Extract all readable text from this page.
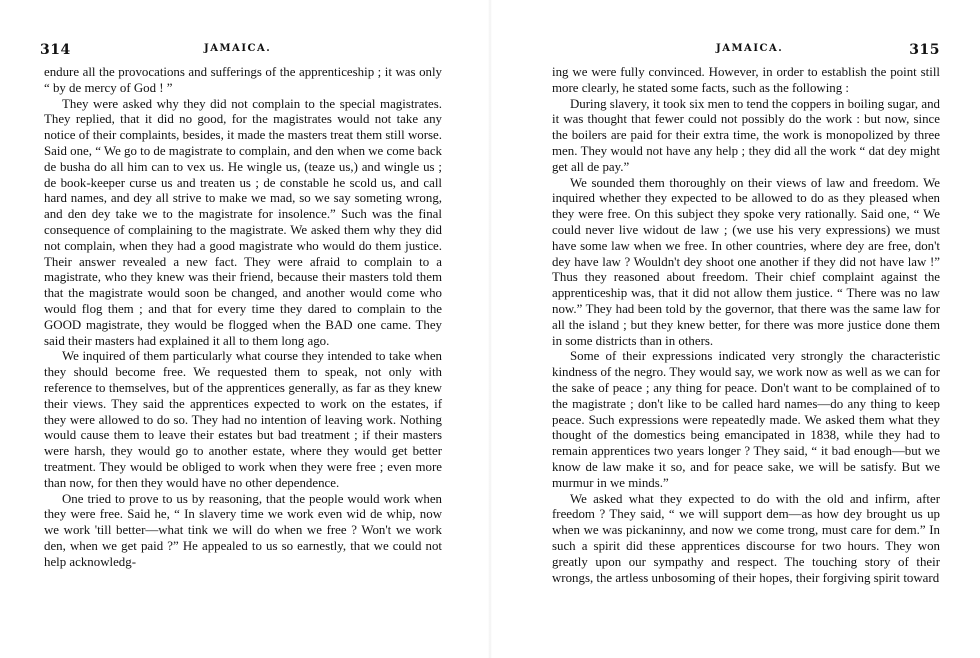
314	JAMAICA.

endure all the provocations and sufferings of the apprenticeship ; it was only “ by de mercy of God ! ”

They were asked why they did not complain to the special magistrates. They replied, that it did no good, for the magistrates would not take any notice of their complaints, besides, it made the masters treat them still worse. Said one, “ We go to de magistrate to complain, and den when we come back de busha do all him can to vex us. He wingle us, (teaze us,) and wingle us ; de book-keeper curse us and treaten us ; de constable he scold us, and call hard names, and dey all strive to make we mad, so we say someting wrong, and den dey take we to the magistrate for insolence.” Such was the final consequence of complaining to the magistrate. We asked them why they did not complain, when they had a good magistrate who would do them justice. Their answer revealed a new fact. They were afraid to complain to a magistrate, who they knew was their friend, because their masters told them that the magistrate would soon be changed, and another would come who would flog them ; and that for every time they dared to complain to the GOOD magistrate, they would be flogged when the BAD one came. They said their masters had explained it all to them long ago.

We inquired of them particularly what course they intended to take when they should become free. We requested them to speak, not only with reference to themselves, but of the apprentices generally, as far as they knew their views. They said the apprentices expected to work on the estates, if they were allowed to do so. They had no intention of leaving work. Nothing would cause them to leave their estates but bad treatment ; if their masters were harsh, they would go to another estate, where they would get better treatment. They would be obliged to work when they were free ; even more than now, for then they would have no other dependence.

One tried to prove to us by reasoning, that the people would work when they were free. Said he, “ In slavery time we work even wid de whip, now we work 'till better—what tink we will do when we free ? Won't we work den, when we get paid ?” He appealed to us so earnestly, that we could not help acknowledg-

JAMAICA.	315

ing we were fully convinced. However, in order to establish the point still more clearly, he stated some facts, such as the following :

During slavery, it took six men to tend the coppers in boiling sugar, and it was thought that fewer could not possibly do the work : but now, since the boilers are paid for their extra time, the work is monopolized by three men. They would not have any help ; they did all the work “ dat dey might get all de pay.”

We sounded them thoroughly on their views of law and freedom. We inquired whether they expected to be allowed to do as they pleased when they were free. On this subject they spoke very rationally. Said one, “ We could never live widout de law ; (we use his very expressions) we must have some law when we free. In other countries, where dey are free, don't dey have law ? Wouldn't dey shoot one another if they did not have law !” Thus they reasoned about freedom. Their chief complaint against the apprenticeship was, that it did not allow them justice. “ There was no law now.” They had been told by the governor, that there was the same law for all the island ; but they knew better, for there was more justice done them in some districts than in others.

Some of their expressions indicated very strongly the characteristic kindness of the negro. They would say, we work now as well as we can for the sake of peace ; any thing for peace. Don't want to be complained of to the magistrate ; don't like to be called hard names—do any thing to keep peace. Such expressions were repeatedly made. We asked them what they thought of the domestics being emancipated in 1838, while they had to remain apprentices two years longer ? They said, “ it bad enough—but we know de law make it so, and for peace sake, we will be satisfy. But we murmur in we minds.”

We asked what they expected to do with the old and infirm, after freedom ? They said, “ we will support dem—as how dey brought us up when we was pickaninny, and now we come trong, must care for dem.” In such a spirit did these apprentices discourse for two hours. They won greatly upon our sympathy and respect. The touching story of their wrongs, the artless unbosoming of their hopes, their forgiving spirit toward
